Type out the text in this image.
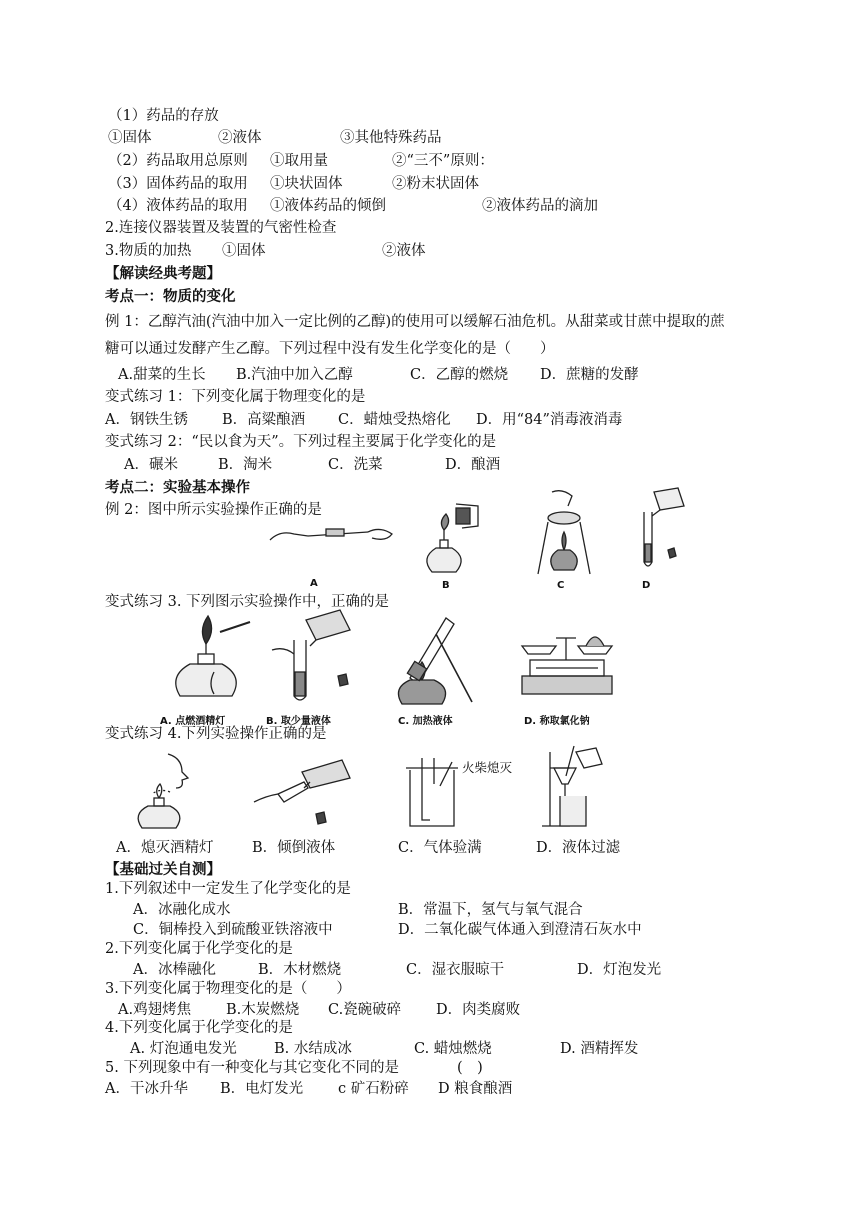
（1）药品的存放
①固体	②液体	③其他特殊药品
（2）药品取用总原则 ①取用量	②“三不”原则：
（3）固体药品的取用 ①块状固体	②粉末状固体
（4）液体药品的取用 ①液体药品的倾倒	②液体药品的滴加
2.连接仪器装置及装置的气密性检查
3.物质的加热 ①固体	②液体
【解读经典考题】
考点一：物质的变化
例 1：乙醇汽油(汽油中加入一定比例的乙醇)的使用可以缓解石油危机。从甜菜或甘蔗中提取的蔗
糖可以通过发酵产生乙醇。下列过程中没有发生化学变化的是（　　）
A.甜菜的生长 B.汽油中加入乙醇	C．乙醇的燃烧 D．蔗糖的发酵
变式练习 1：下列变化属于物理变化的是
A．钢铁生锈 B．高粱酿酒 C．蜡烛受热熔化 D．用“84”消毒液消毒
变式练习 2：“民以食为天”。下列过程主要属于化学变化的是
A．碾米	B．淘米	C．洗菜	D．酿酒
考点二：实验基本操作
例 2：图中所示实验操作正确的是
A	B	C	D
变式练习 3. 下列图示实验操作中，正确的是
A. 点燃酒精灯	B. 取少量液体	C. 加热液体	D. 称取氯化钠
变式练习 4.下列实验操作正确的是
A．熄灭酒精灯	B．倾倒液体
火柴熄灭
C．气体验满	D．液体过滤
【基础过关自测】
1.下列叙述中一定发生了化学变化的是
A．冰融化成水	B．常温下，氢气与氧气混合
C．铜棒投入到硫酸亚铁溶液中	D．二氧化碳气体通入到澄清石灰水中
2.下列变化属于化学变化的是
A．冰棒融化	B．木材燃烧	C．湿衣服晾干	D．灯泡发光
3.下列变化属于物理变化的是（　　）
A.鸡翅烤焦 B.木炭燃烧 C.瓷碗破碎 D．肉类腐败
4.下列变化属于化学变化的是
A. 灯泡通电发光	B. 水结成冰	C. 蜡烛燃烧	D. 酒精挥发
5. 下列现象中有一种变化与其它变化不同的是	(　)
A．干冰升华 B．电灯发光 c 矿石粉碎 D 粮食酿酒
